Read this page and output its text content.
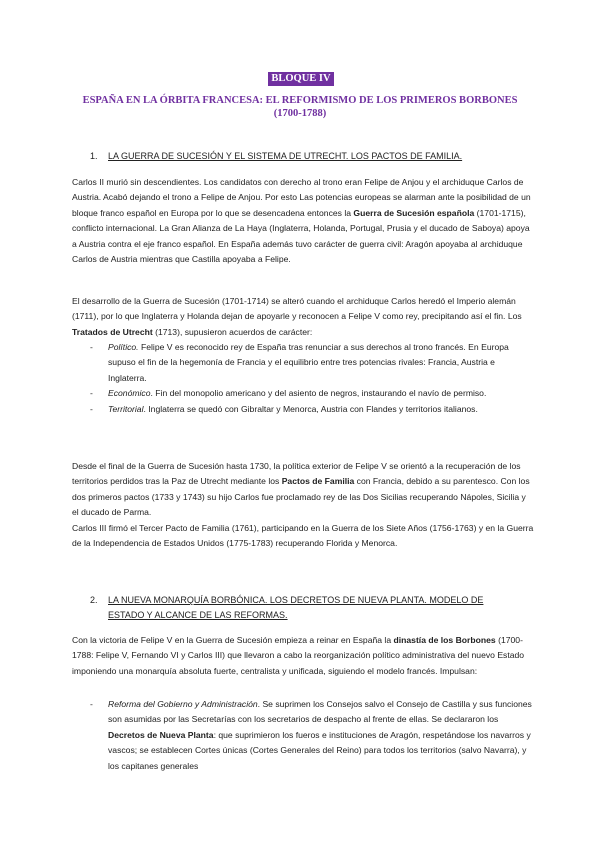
BLOQUE IV
ESPAÑA EN LA ÓRBITA FRANCESA: EL REFORMISMO DE LOS PRIMEROS BORBONES
(1700-1788)
1. LA GUERRA DE SUCESIÓN Y EL SISTEMA DE UTRECHT. LOS PACTOS DE FAMILIA.

Carlos II murió sin descendientes. Los candidatos con derecho al trono eran Felipe de Anjou y el archiduque Carlos de Austria. Acabó dejando el trono a Felipe de Anjou. Por esto Las potencias europeas se alarman ante la posibilidad de un bloque franco español en Europa por lo que se desencadena entonces la Guerra de Sucesión española (1701-1715), conflicto internacional. La Gran Alianza de La Haya (Inglaterra, Holanda, Portugal, Prusia y el ducado de Saboya) apoya a Austria contra el eje franco español. En España además tuvo carácter de guerra civil: Aragón apoyaba al archiduque Carlos de Austria mientras que Castilla apoyaba a Felipe.

El desarrollo de la Guerra de Sucesión (1701-1714) se alteró cuando el archiduque Carlos heredó el Imperio alemán (1711), por lo que Inglaterra y Holanda dejan de apoyarle y reconocen a Felipe V como rey, precipitando así el fin. Los Tratados de Utrecht (1713), supusieron acuerdos de carácter:

- Político. Felipe V es reconocido rey de España tras renunciar a sus derechos al trono francés. En Europa supuso el fin de la hegemonía de Francia y el equilibrio entre tres potencias rivales: Francia, Austria e Inglaterra.
- Económico. Fin del monopolio americano y del asiento de negros, instaurando el navío de permiso.
- Territorial. Inglaterra se quedó con Gibraltar y Menorca, Austria con Flandes y territorios italianos.

Desde el final de la Guerra de Sucesión hasta 1730, la política exterior de Felipe V se orientó a la recuperación de los territorios perdidos tras la Paz de Utrecht mediante los Pactos de Familia con Francia, debido a su parentesco. Con los dos primeros pactos (1733 y 1743) su hijo Carlos fue proclamado rey de las Dos Sicilias recuperando Nápoles, Sicilia y el ducado de Parma.
Carlos III firmó el Tercer Pacto de Familia (1761), participando en la Guerra de los Siete Años (1756-1763) y en la Guerra de la Independencia de Estados Unidos (1775-1783) recuperando Florida y Menorca.

2. LA NUEVA MONARQUÍA BORBÓNICA. LOS DECRETOS DE NUEVA PLANTA. MODELO DE ESTADO Y ALCANCE DE LAS REFORMAS.

Con la victoria de Felipe V en la Guerra de Sucesión empieza a reinar en España la dinastía de los Borbones (1700-1788: Felipe V, Fernando VI y Carlos III) que llevaron a cabo la reorganización político administrativa del nuevo Estado imponiendo una monarquía absoluta fuerte, centralista y unificada, siguiendo el modelo francés. Impulsan:

- Reforma del Gobierno y Administración. Se suprimen los Consejos salvo el Consejo de Castilla y sus funciones son asumidas por las Secretarías con los secretarios de despacho al frente de ellas. Se declararon los Decretos de Nueva Planta: que suprimieron los fueros e instituciones de Aragón, respetándose los navarros y vascos; se establecen Cortes únicas (Cortes Generales del Reino) para todos los territorios (salvo Navarra), y los capitanes generales
